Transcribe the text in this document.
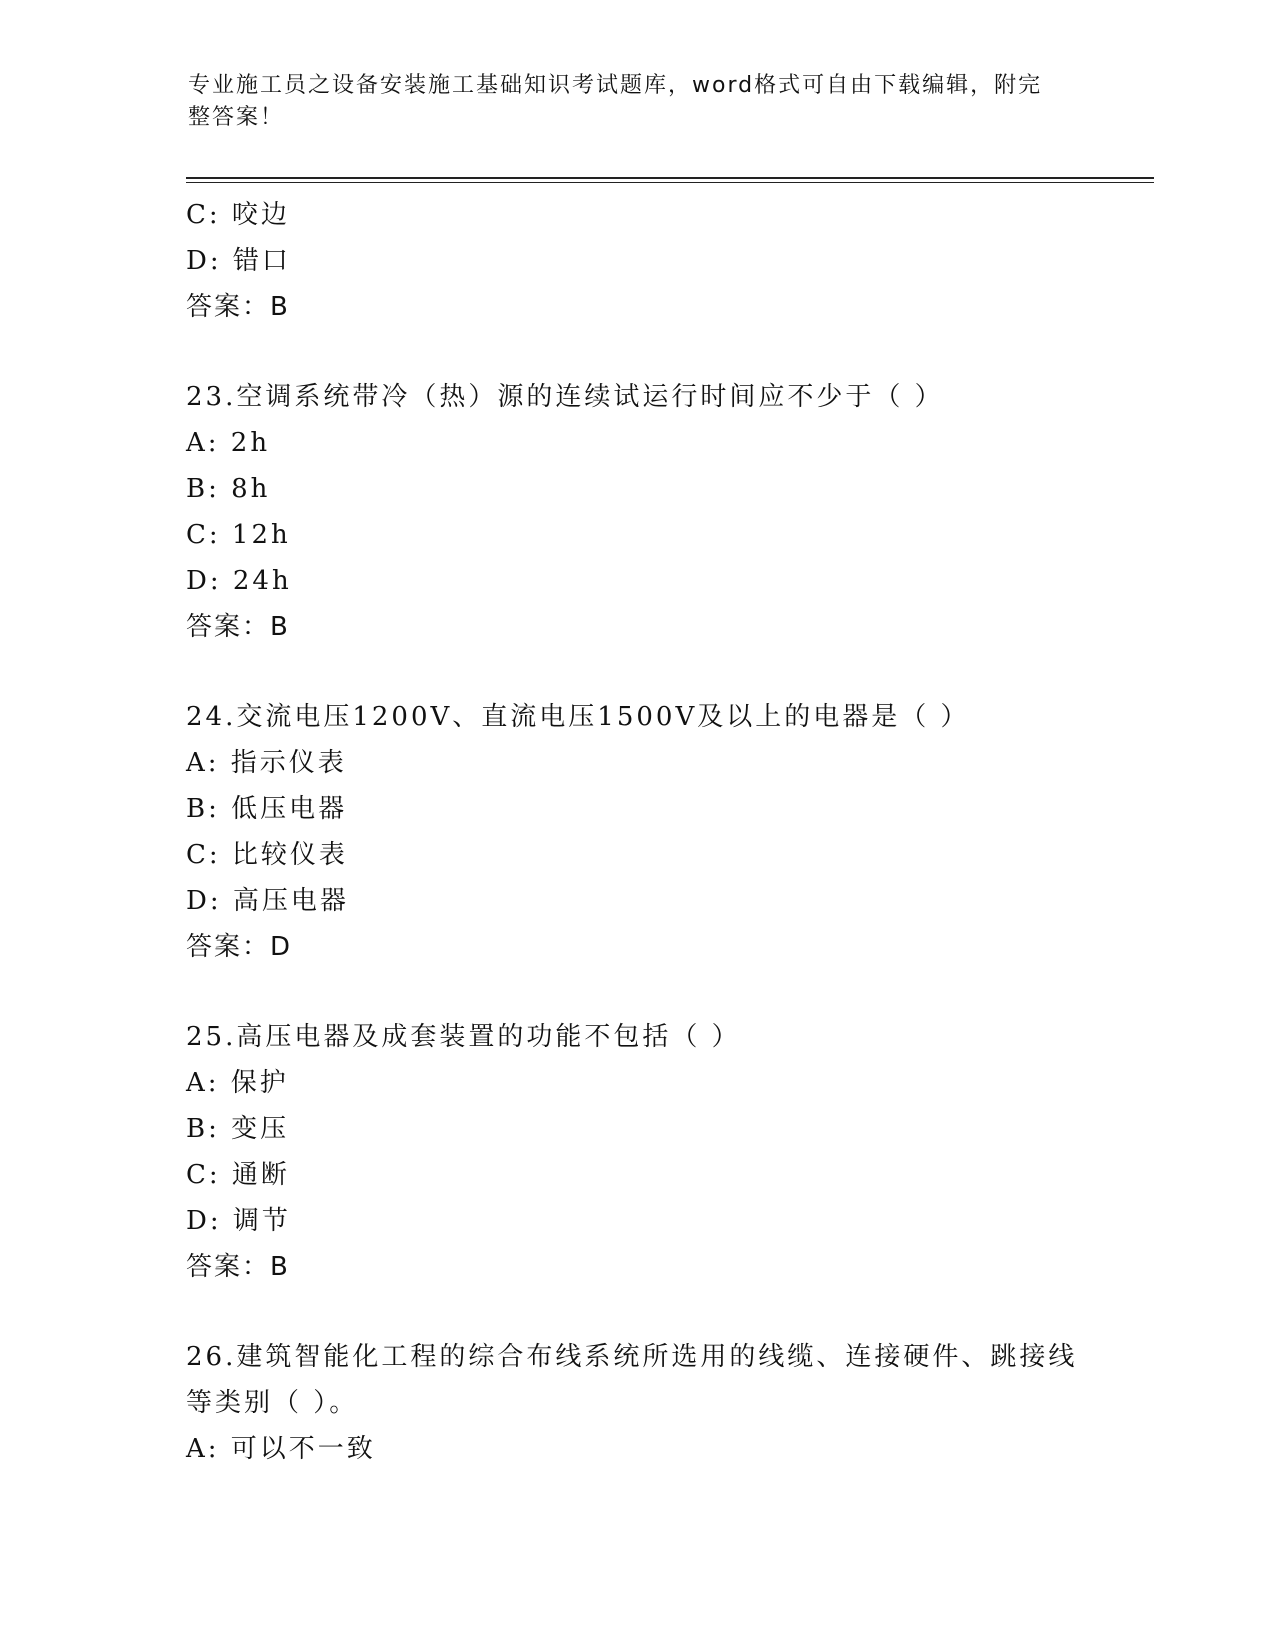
专业施工员之设备安装施工基础知识考试题库，word格式可自由下载编辑，附完
整答案！
C: 咬边
D: 错口
答案：B
23.空调系统带冷（热）源的连续试运行时间应不少于（ ）
A: 2h
B: 8h
C: 12h
D: 24h
答案：B
24.交流电压1200V、直流电压1500V及以上的电器是（ ）
A: 指示仪表
B: 低压电器
C: 比较仪表
D: 高压电器
答案：D
25.高压电器及成套装置的功能不包括（ ）
A: 保护
B: 变压
C: 通断
D: 调节
答案：B
26.建筑智能化工程的综合布线系统所选用的线缆、连接硬件、跳接线等类别（ ）。
A: 可以不一致
